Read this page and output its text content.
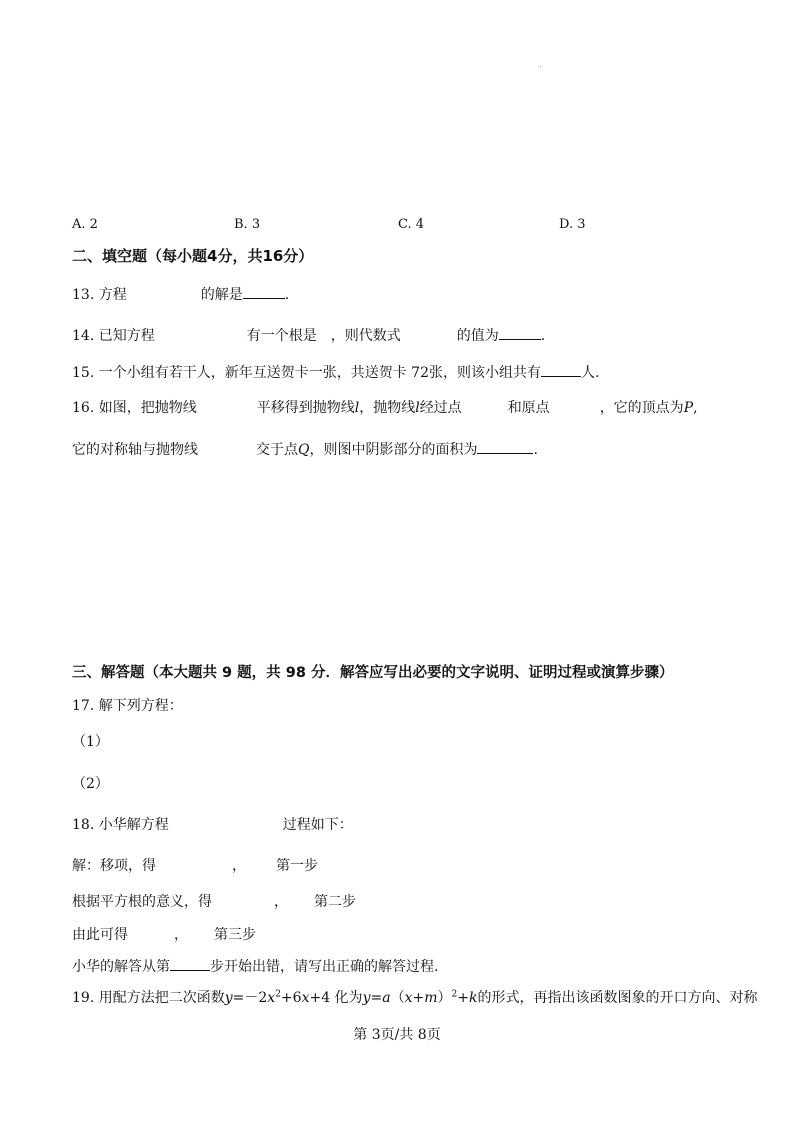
A. 2	B. 3	C. 4	D. 3
二、填空题（每小题4分，共16分）
13. 方程	的解是	.
14. 已知方程	有一个根是 ，则代数式	的值为	.
15. 一个小组有若干人，新年互送贺卡一张，共送贺卡 72张，则该小组共有	人.
16. 如图，把抛物线	平移得到抛物线l，抛物线l经过点	和原点	，它的顶点为P,
它的对称轴与抛物线	交于点Q，则图中阴影部分的面积为	.
三、解答题（本大题共 9 题，共 98 分．解答应写出必要的文字说明、证明过程或演算步骤）
17. 解下列方程：
（1）
（2）
18. 小华解方程	过程如下：
解：移项，得	， 第一步
根据平方根的意义，得	， 第二步
由此可得	， 第三步
小华的解答从第	步开始出错，请写出正确的解答过程.
19. 用配方法把二次函数$y=-2x^2+6x+4$ 化为$y=a(x+m)^2+k$的形式，再指出该函数图象的开口方向、对称
第 3页/共 8页
